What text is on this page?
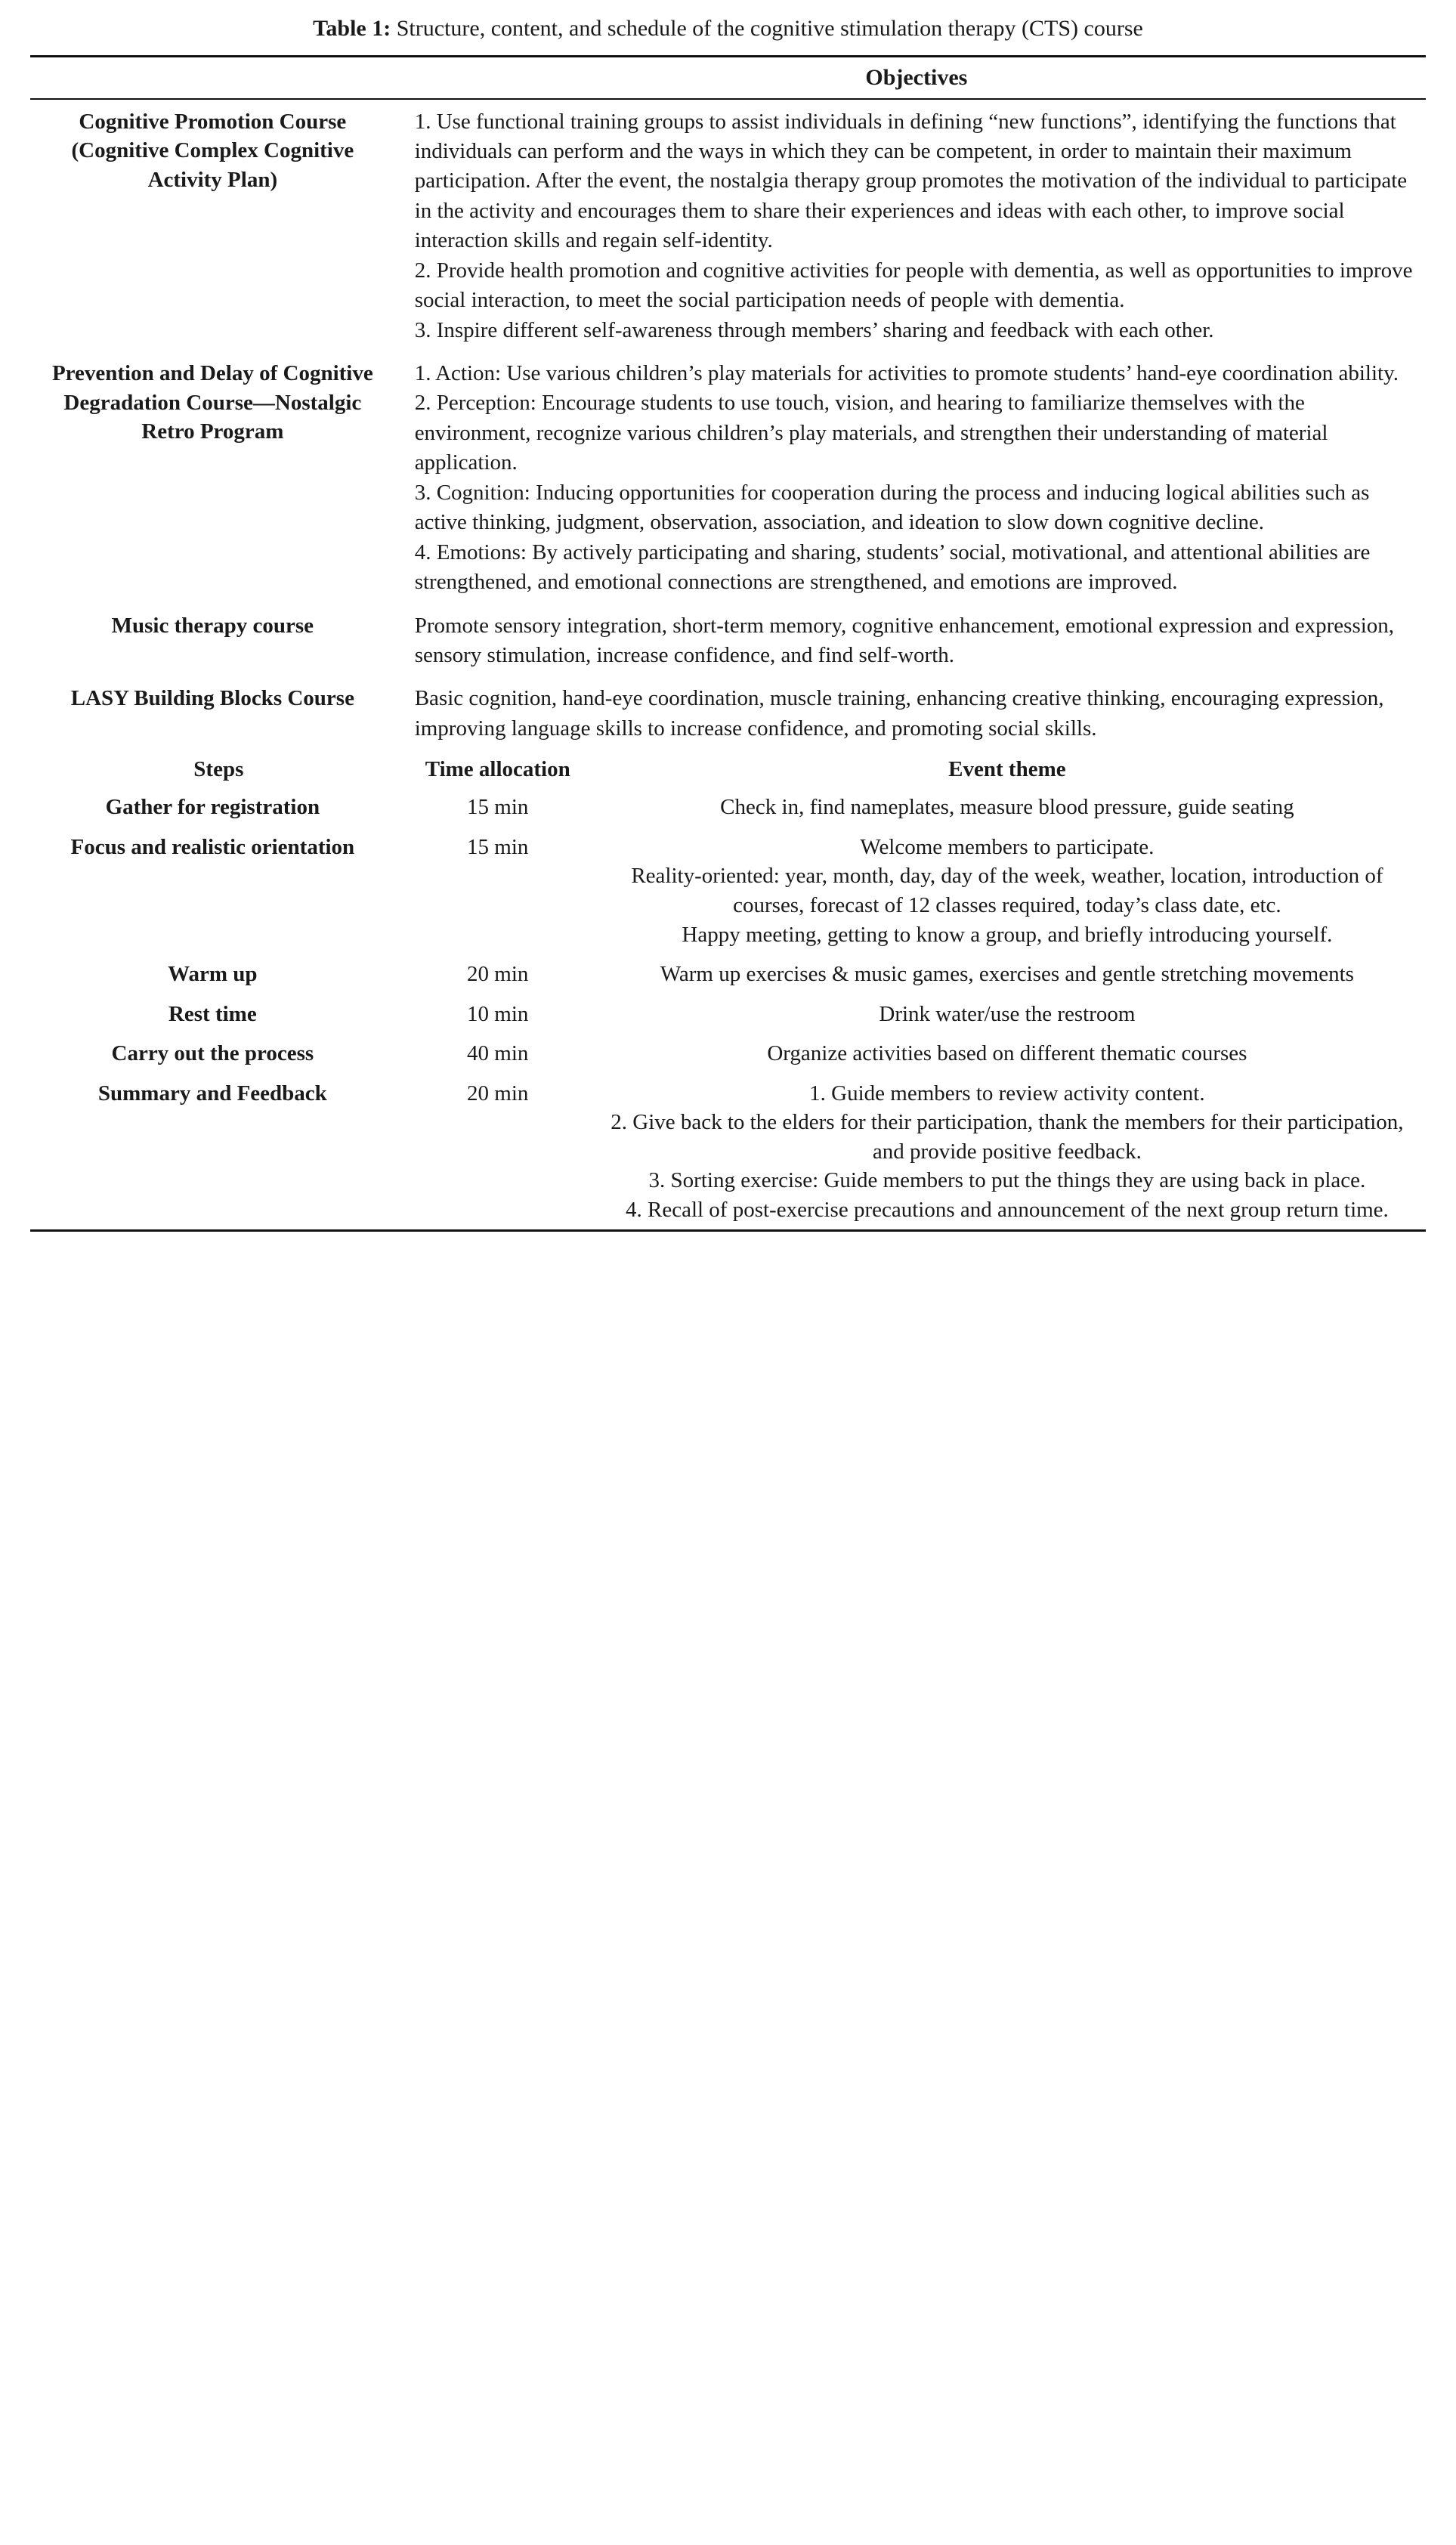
Table 1: Structure, content, and schedule of the cognitive stimulation therapy (CTS) course
	Objectives	
Cognitive Promotion Course (Cognitive Complex Cognitive Activity Plan)	1. Use functional training groups to assist individuals in defining “new functions”, identifying the functions that individuals can perform and the ways in which they can be competent, in order to maintain their maximum participation. After the event, the nostalgia therapy group promotes the motivation of the individual to participate in the activity and encourages them to share their experiences and ideas with each other, to improve social interaction skills and regain self-identity.

2. Provide health promotion and cognitive activities for people with dementia, as well as opportunities to improve social interaction, to meet the social participation needs of people with dementia.

3. Inspire different self-awareness through members’ sharing and feedback with each other.	

Prevention and Delay of Cognitive Degradation Course—Nostalgic Retro Program	1. Action: Use various children’s play materials for activities to promote students’ hand-eye coordination ability.

2. Perception: Encourage students to use touch, vision, and hearing to familiarize themselves with the environment, recognize various children’s play materials, and strengthen their understanding of material application.

3. Cognition: Inducing opportunities for cooperation during the process and inducing logical abilities such as active thinking, judgment, observation, association, and ideation to slow down cognitive decline.

4. Emotions: By actively participating and sharing, students’ social, motivational, and attentional abilities are strengthened, and emotional connections are strengthened, and emotions are improved.	

Music therapy course	Promote sensory integration, short-term memory, cognitive enhancement, emotional expression and expression, sensory stimulation, increase confidence, and find self-worth.	

LASY Building Blocks Course	Basic cognition, hand-eye coordination, muscle training, enhancing creative thinking, encouraging expression, improving language skills to increase confidence, and promoting social skills.	

Steps	Time allocation	Event theme
Gather for registration	15 min	Check in, find nameplates, measure blood pressure, guide seating

Focus and realistic orientation	15 min	Welcome members to participate.

Reality-oriented: year, month, day, day of the week, weather, location, introduction of courses, forecast of 12 classes required, today’s class date, etc.

Happy meeting, getting to know a group, and briefly introducing yourself.

Warm up	20 min	Warm up exercises & music games, exercises and gentle stretching movements

Rest time	10 min	Drink water/use the restroom

Carry out the process	40 min	Organize activities based on different thematic courses

Summary and Feedback	20 min	1. Guide members to review activity content.

2. Give back to the elders for their participation, thank the members for their participation, and provide positive feedback.

3. Sorting exercise: Guide members to put the things they are using back in place.

4. Recall of post-exercise precautions and announcement of the next group return time.
